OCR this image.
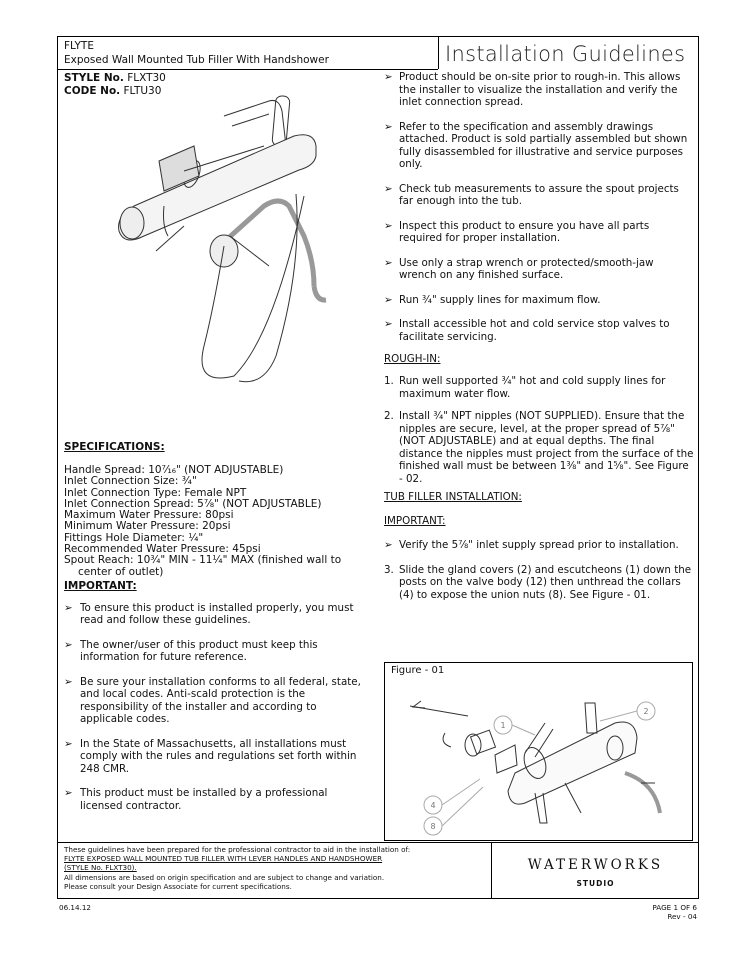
FLYTE
Exposed Wall Mounted Tub Filler With Handshower	Installation Guidelines
STYLE No. FLXT30
CODE No. FLTU30

SPECIFICATIONS:

Handle Spread: 10⁷⁄₁₆" (NOT ADJUSTABLE)

Inlet Connection Size: ¾"

Inlet Connection Type: Female NPT

Inlet Connection Spread: 5⅞" (NOT ADJUSTABLE)

Maximum Water Pressure: 80psi

Minimum Water Pressure: 20psi

Fittings Hole Diameter: ¼"

Recommended Water Pressure: 45psi

Spout Reach: 10¾" MIN - 11¼" MAX (finished wall to

center of outlet)

IMPORTANT:

➢ To ensure this product is installed properly, you must read and follow these guidelines.

➢ The owner/user of this product must keep this information for future reference.

➢ Be sure your installation conforms to all federal, state, and local codes. Anti-scald protection is the responsibility of the installer and according to applicable codes.

➢ In the State of Massachusetts, all installations must comply with the rules and regulations set forth within 248 CMR.

➢ This product must be installed by a professional licensed contractor.

➢ Product should be on-site prior to rough-in. This allows the installer to visualize the installation and verify the inlet connection spread.

➢ Refer to the specification and assembly drawings attached. Product is sold partially assembled but shown fully disassembled for illustrative and service purposes only.

➢ Check tub measurements to assure the spout projects far enough into the tub.

➢ Inspect this product to ensure you have all parts required for proper installation.

➢ Use only a strap wrench or protected/smooth-jaw wrench on any finished surface.

➢ Run ¾" supply lines for maximum flow.

➢ Install accessible hot and cold service stop valves to facilitate servicing.

ROUGH-IN:

1. Run well supported ¾" hot and cold supply lines for maximum water flow.

2. Install ¾" NPT nipples (NOT SUPPLIED). Ensure that the nipples are secure, level, at the proper spread of 5⅞" (NOT ADJUSTABLE) and at equal depths. The final distance the nipples must project from the surface of the finished wall must be between 1⅜" and 1⅝". See Figure - 02.

TUB FILLER INSTALLATION:

IMPORTANT:

➢ Verify the 5⅞" inlet supply spread prior to installation.

3. Slide the gland covers (2) and escutcheons (1) down the posts on the valve body (12) then unthread the collars (4) to expose the union nuts (8). See Figure - 01.

Figure - 01
1
2
4
8
These guidelines have been prepared for the professional contractor to aid in the installation of:
FLYTE EXPOSED WALL MOUNTED TUB FILLER WITH LEVER HANDLES AND HANDSHOWER
(STYLE No. FLXT30).
All dimensions are based on origin specification and are subject to change and variation.
Please consult your Design Associate for current specifications.
WATERWORKS
STUDIO
06.14.12	PAGE 1 OF 6
Rev - 04
